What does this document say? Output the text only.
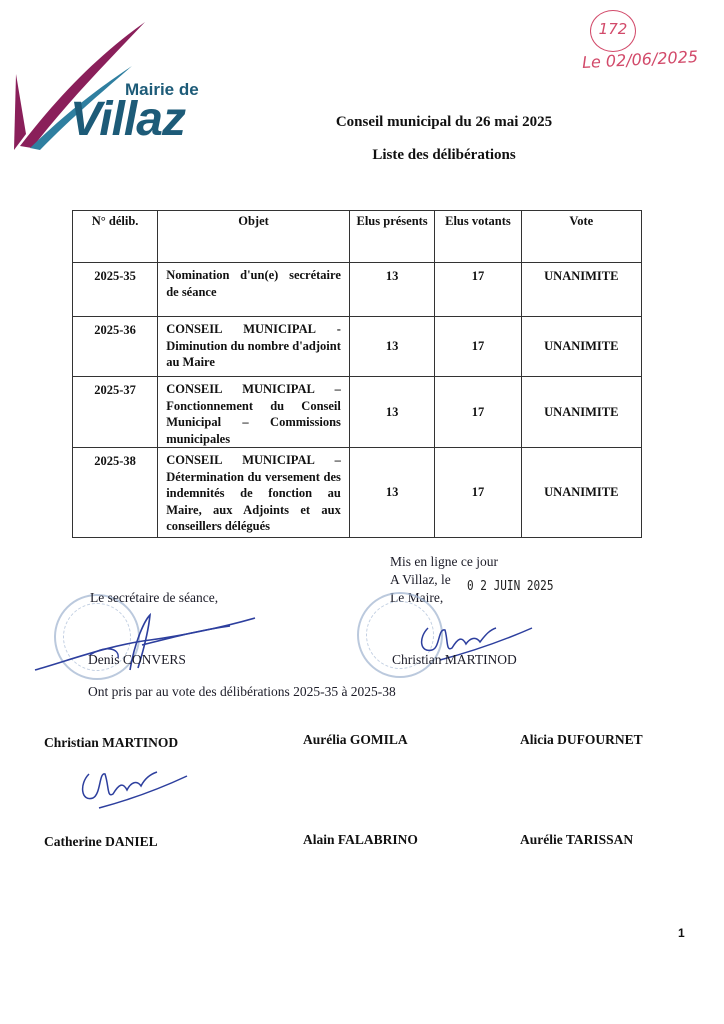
Mairie de
Villaz
172
Le 02/06/2025
Conseil municipal du 26 mai 2025
Liste des délibérations
N° délib.	Objet	Elus présents	Elus votants	Vote

2025-35	Nomination d'un(e) secrétaire de séance	13	17	UNANIMITE

2025-36	CONSEIL MUNICIPAL - Diminution du nombre d'adjoint au Maire	13	17	UNANIMITE

2025-37	CONSEIL MUNICIPAL – Fonctionnement du Conseil Municipal – Commissions municipales	13	17	UNANIMITE

2025-38	CONSEIL MUNICIPAL – Détermination du versement des indemnités de fonction au Maire, aux Adjoints et aux conseillers délégués	13	17	UNANIMITE
Mis en ligne ce jour
A Villaz, le 0 2 JUIN 2025
Le Maire,
Le secrétaire de séance,
Denis CONVERS	Christian MARTINOD
Ont pris par au vote des délibérations 2025-35 à 2025-38
Christian MARTINOD	Aurélia GOMILA	Alicia DUFOURNET
Catherine DANIEL	Alain FALABRINO	Aurélie TARISSAN
1
